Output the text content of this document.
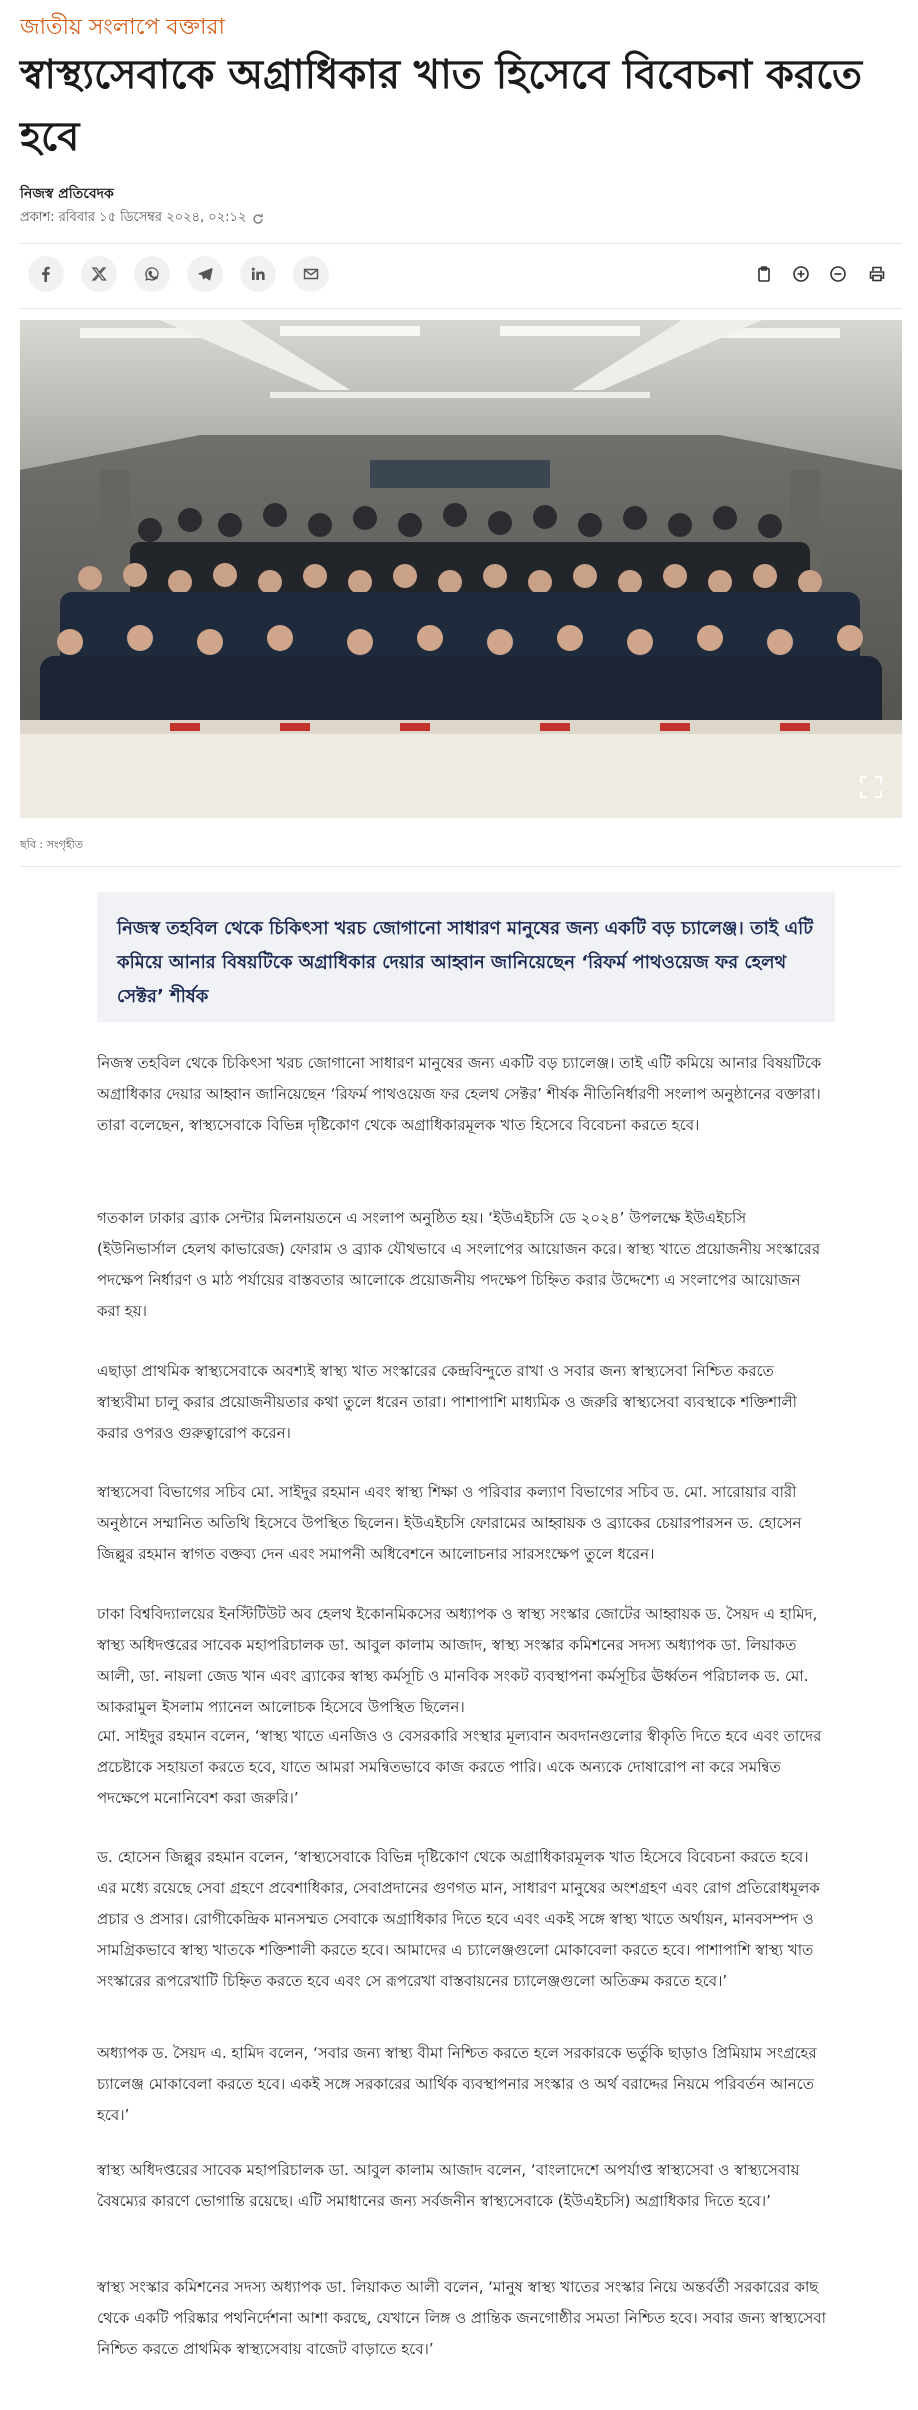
জাতীয় সংলাপে বক্তারা
স্বাস্থ্যসেবাকে অগ্রাধিকার খাত হিসেবে বিবেচনা করতে হবে
নিজস্ব প্রতিবেদক
প্রকাশ: রবিবার ১৫ ডিসেম্বর ২০২৪, ০২:১২
ছবি : সংগৃহীত

নিজস্ব তহবিল থেকে চিকিৎসা খরচ জোগানো সাধারণ মানুষের জন্য একটি বড় চ্যালেঞ্জ। তাই এটি কমিয়ে আনার বিষয়টিকে অগ্রাধিকার দেয়ার আহ্বান জানিয়েছেন ‘রিফর্ম পাথওয়েজ ফর হেলথ সেক্টর’ শীর্ষক

নিজস্ব তহবিল থেকে চিকিৎসা খরচ জোগানো সাধারণ মানুষের জন্য একটি বড় চ্যালেঞ্জ। তাই এটি কমিয়ে আনার বিষয়টিকে অগ্রাধিকার দেয়ার আহ্বান জানিয়েছেন ‘রিফর্ম পাথওয়েজ ফর হেলথ সেক্টর’ শীর্ষক নীতিনির্ধারণী সংলাপ অনুষ্ঠানের বক্তারা। তারা বলেছেন, স্বাস্থ্যসেবাকে বিভিন্ন দৃষ্টিকোণ থেকে অগ্রাধিকারমূলক খাত হিসেবে বিবেচনা করতে হবে।

গতকাল ঢাকার ব্র্যাক সেন্টার মিলনায়তনে এ সংলাপ অনুষ্ঠিত হয়। ‘ইউএইচসি ডে ২০২৪’ উপলক্ষে ইউএইচসি (ইউনিভার্সাল হেলথ কাভারেজ) ফোরাম ও ব্র্যাক যৌথভাবে এ সংলাপের আয়োজন করে। স্বাস্থ্য খাতে প্রয়োজনীয় সংস্কারের পদক্ষেপ নির্ধারণ ও মাঠ পর্যায়ের বাস্তবতার আলোকে প্রয়োজনীয় পদক্ষেপ চিহ্নিত করার উদ্দেশ্যে এ সংলাপের আয়োজন করা হয়।

এছাড়া প্রাথমিক স্বাস্থ্যসেবাকে অবশ্যই স্বাস্থ্য খাত সংস্কারের কেন্দ্রবিন্দুতে রাখা ও সবার জন্য স্বাস্থ্যসেবা নিশ্চিত করতে স্বাস্থ্যবীমা চালু করার প্রয়োজনীয়তার কথা তুলে ধরেন তারা। পাশাপাশি মাধ্যমিক ও জরুরি স্বাস্থ্যসেবা ব্যবস্থাকে শক্তিশালী করার ওপরও গুরুত্বারোপ করেন।

স্বাস্থ্যসেবা বিভাগের সচিব মো. সাইদুর রহমান এবং স্বাস্থ্য শিক্ষা ও পরিবার কল্যাণ বিভাগের সচিব ড. মো. সারোয়ার বারী অনুষ্ঠানে সম্মানিত অতিথি হিসেবে উপস্থিত ছিলেন। ইউএইচসি ফোরামের আহ্বায়ক ও ব্র্যাকের চেয়ারপারসন ড. হোসেন জিল্লুর রহমান স্বাগত বক্তব্য দেন এবং সমাপনী অধিবেশনে আলোচনার সারসংক্ষেপ তুলে ধরেন।

ঢাকা বিশ্ববিদ্যালয়ের ইনস্টিটিউট অব হেলথ ইকোনমিকসের অধ্যাপক ও স্বাস্থ্য সংস্কার জোটের আহ্বায়ক ড. সৈয়দ এ হামিদ, স্বাস্থ্য অধিদপ্তরের সাবেক মহাপরিচালক ডা. আবুল কালাম আজাদ, স্বাস্থ্য সংস্কার কমিশনের সদস্য অধ্যাপক ডা. লিয়াকত আলী, ডা. নায়লা জেড খান এবং ব্র্যাকের স্বাস্থ্য কর্মসূচি ও মানবিক সংকট ব্যবস্থাপনা কর্মসূচির ঊর্ধ্বতন পরিচালক ড. মো. আকরামুল ইসলাম প্যানেল আলোচক হিসেবে উপস্থিত ছিলেন।

মো. সাইদুর রহমান বলেন, ‘স্বাস্থ্য খাতে এনজিও ও বেসরকারি সংস্থার মূল্যবান অবদানগুলোর স্বীকৃতি দিতে হবে এবং তাদের প্রচেষ্টাকে সহায়তা করতে হবে, যাতে আমরা সমন্বিতভাবে কাজ করতে পারি। একে অন্যকে দোষারোপ না করে সমন্বিত পদক্ষেপে মনোনিবেশ করা জরুরি।’

ড. হোসেন জিল্লুর রহমান বলেন, ‘স্বাস্থ্যসেবাকে বিভিন্ন দৃষ্টিকোণ থেকে অগ্রাধিকারমূলক খাত হিসেবে বিবেচনা করতে হবে। এর মধ্যে রয়েছে সেবা গ্রহণে প্রবেশাধিকার, সেবাপ্রদানের গুণগত মান, সাধারণ মানুষের অংশগ্রহণ এবং রোগ প্রতিরোধমূলক প্রচার ও প্রসার। রোগীকেন্দ্রিক মানসম্মত সেবাকে অগ্রাধিকার দিতে হবে এবং একই সঙ্গে স্বাস্থ্য খাতে অর্থায়ন, মানবসম্পদ ও সামগ্রিকভাবে স্বাস্থ্য খাতকে শক্তিশালী করতে হবে। আমাদের এ চ্যালেঞ্জগুলো মোকাবেলা করতে হবে। পাশাপাশি স্বাস্থ্য খাত সংস্কারের রূপরেখাটি চিহ্নিত করতে হবে এবং সে রূপরেখা বাস্তবায়নের চ্যালেঞ্জগুলো অতিক্রম করতে হবে।’

অধ্যাপক ড. সৈয়দ এ. হামিদ বলেন, ‘সবার জন্য স্বাস্থ্য বীমা নিশ্চিত করতে হলে সরকারকে ভর্তুকি ছাড়াও প্রিমিয়াম সংগ্রহের চ্যালেঞ্জ মোকাবেলা করতে হবে। একই সঙ্গে সরকারের আর্থিক ব্যবস্থাপনার সংস্কার ও অর্থ বরাদ্দের নিয়মে পরিবর্তন আনতে হবে।’

স্বাস্থ্য অধিদপ্তরের সাবেক মহাপরিচালক ডা. আবুল কালাম আজাদ বলেন, ‘বাংলাদেশে অপর্যাপ্ত স্বাস্থ্যসেবা ও স্বাস্থ্যসেবায় বৈষম্যের কারণে ভোগান্তি রয়েছে। এটি সমাধানের জন্য সর্বজনীন স্বাস্থ্যসেবাকে (ইউএইচসি) অগ্রাধিকার দিতে হবে।’

স্বাস্থ্য সংস্কার কমিশনের সদস্য অধ্যাপক ডা. লিয়াকত আলী বলেন, ‘মানুষ স্বাস্থ্য খাতের সংস্কার নিয়ে অন্তর্বর্তী সরকারের কাছ থেকে একটি পরিষ্কার পথনির্দেশনা আশা করছে, যেখানে লিঙ্গ ও প্রান্তিক জনগোষ্ঠীর সমতা নিশ্চিত হবে। সবার জন্য স্বাস্থ্যসেবা নিশ্চিত করতে প্রাথমিক স্বাস্থ্যসেবায় বাজেট বাড়াতে হবে।’
